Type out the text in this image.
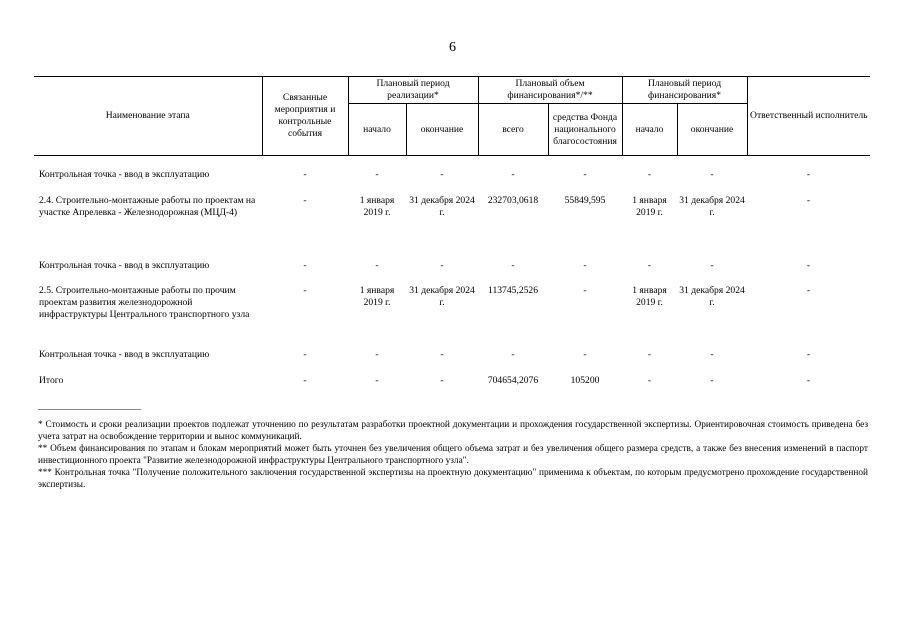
6
Наименование этапа	Связанные мероприятия и контрольные события	Плановый период реализации*		Плановый объем финансирования*/**		Плановый период финансирования*		Ответственный исполнитель
		начало	окончание	всего	средства Фонда национального благосостояния	начало	окончание	

Контрольная точка - ввод в эксплуатацию	-	-	-	-	-	-	-	-
2.4. Строительно-монтажные работы по проектам на участке Апрелевка - Железнодорожная (МЦД-4)	-	1 января 2019 г.	31 декабря 2024 г.	232703,0618	55849,595	1 января 2019 г.	31 декабря 2024 г.	-
Контрольная точка - ввод в эксплуатацию	-	-	-	-	-	-	-	-
2.5. Строительно-монтажные работы по прочим проектам развития железнодорожной инфраструктуры Центрального транспортного узла	-	1 января 2019 г.	31 декабря 2024 г.	113745,2526	-	1 января 2019 г.	31 декабря 2024 г.	-
Контрольная точка - ввод в эксплуатацию	-	-	-	-	-	-	-	-
Итого	-	-	-	704654,2076	105200	-	-	-

* Стоимость и сроки реализации проектов подлежат уточнению по результатам разработки проектной документации и прохождения государственной экспертизы. Ориентировочная стоимость приведена без учета затрат на освобождение территории и вынос коммуникаций.

** Объем финансирования по этапам и блокам мероприятий может быть уточнен без увеличения общего объема затрат и без увеличения общего размера средств, а также без внесения изменений в паспорт инвестиционного проекта "Развитие железнодорожной инфраструктуры Центрального транспортного узла".

*** Контрольная точка "Получение положительного заключения государственной экспертизы на проектную документацию" применима к объектам, по которым предусмотрено прохождение государственной экспертизы.
